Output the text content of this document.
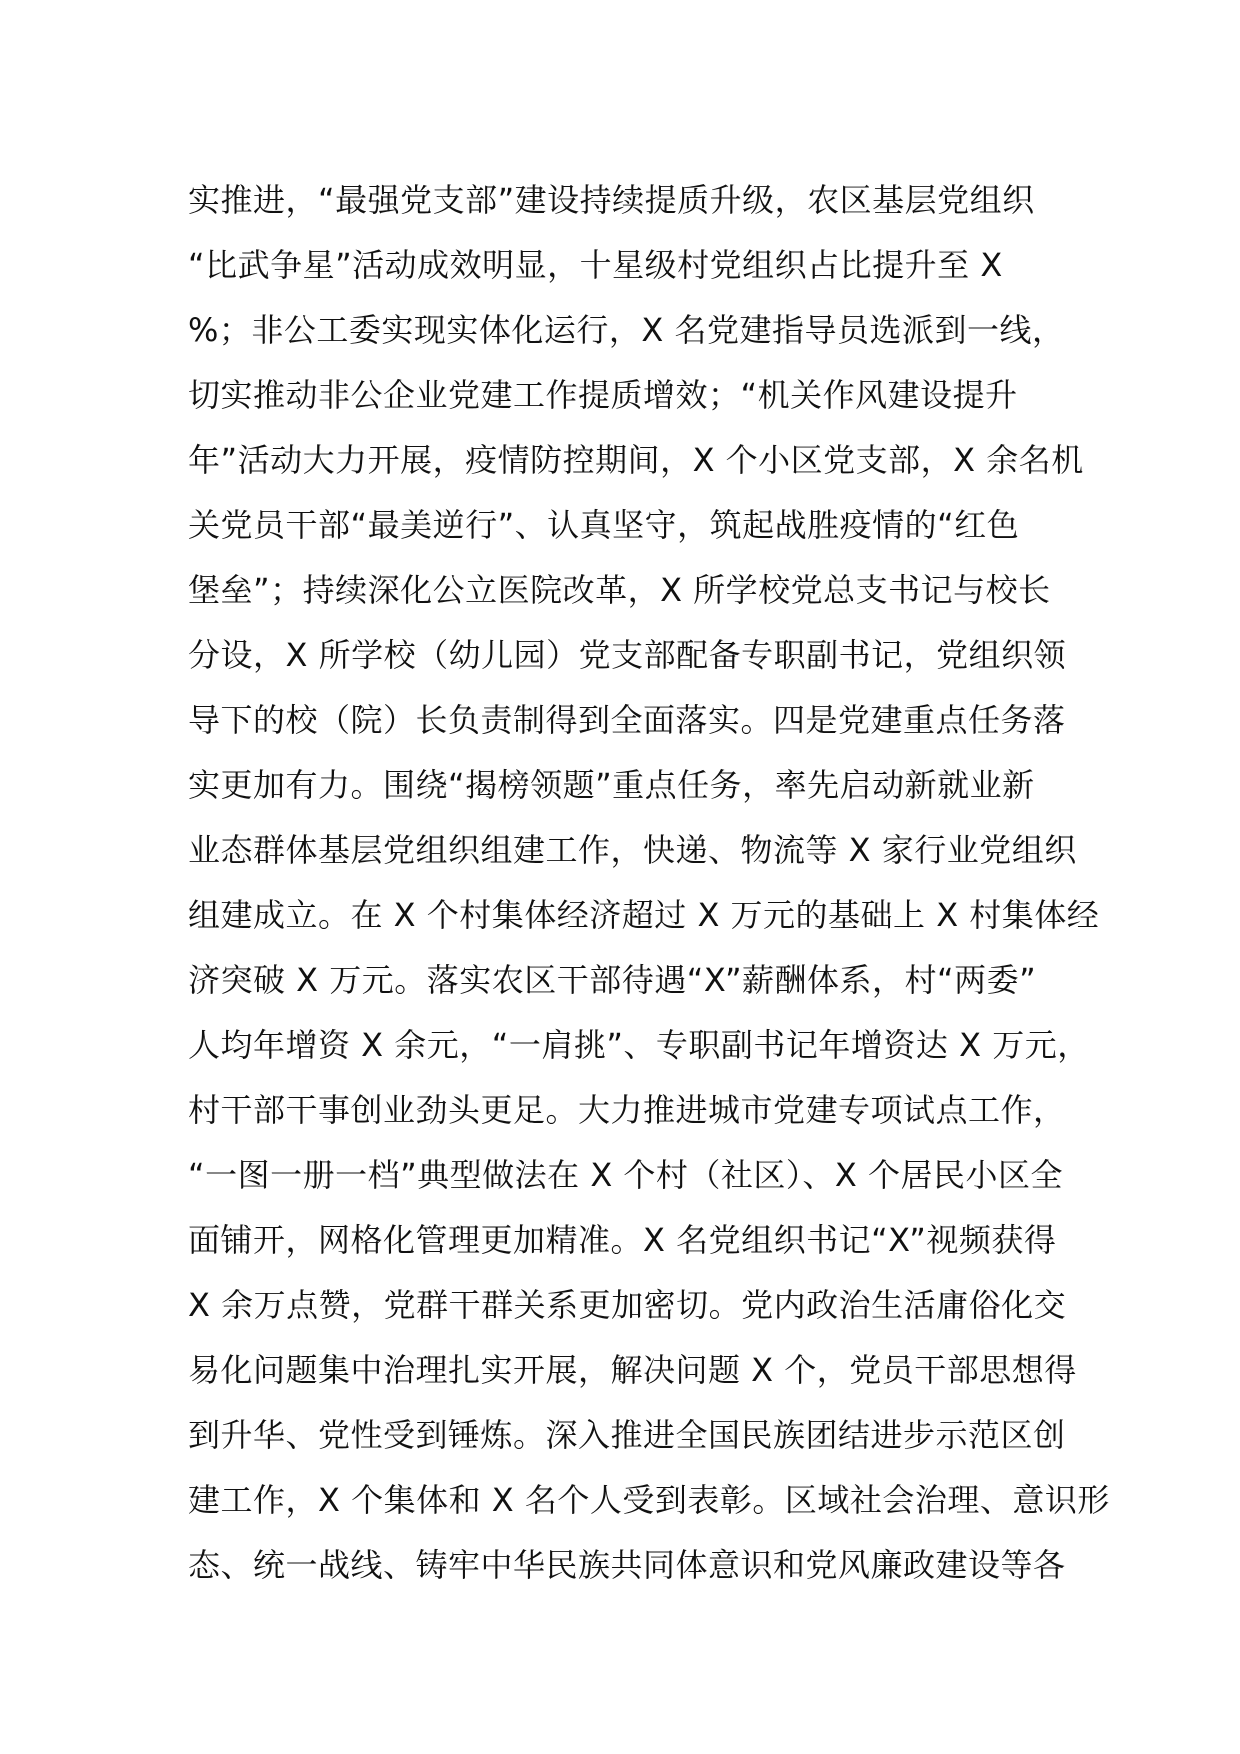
实推进，“最强党支部”建设持续提质升级，农区基层党组织
“比武争星”活动成效明显，十星级村党组织占比提升至 X
%；非公工委实现实体化运行，X 名党建指导员选派到一线，
切实推动非公企业党建工作提质增效；“机关作风建设提升
年”活动大力开展，疫情防控期间，X 个小区党支部，X 余名机
关党员干部“最美逆行”、认真坚守，筑起战胜疫情的“红色
堡垒”；持续深化公立医院改革，X 所学校党总支书记与校长
分设，X 所学校（幼儿园）党支部配备专职副书记，党组织领
导下的校（院）长负责制得到全面落实。四是党建重点任务落
实更加有力。围绕“揭榜领题”重点任务，率先启动新就业新
业态群体基层党组织组建工作，快递、物流等 X 家行业党组织
组建成立。在 X 个村集体经济超过 X 万元的基础上 X 村集体经
济突破 X 万元。落实农区干部待遇“X”薪酬体系，村“两委”
人均年增资 X 余元，“一肩挑”、专职副书记年增资达 X 万元，
村干部干事创业劲头更足。大力推进城市党建专项试点工作，
“一图一册一档”典型做法在 X 个村（社区）、X 个居民小区全
面铺开，网格化管理更加精准。X 名党组织书记“X”视频获得
X 余万点赞，党群干群关系更加密切。党内政治生活庸俗化交
易化问题集中治理扎实开展，解决问题 X 个，党员干部思想得
到升华、党性受到锤炼。深入推进全国民族团结进步示范区创
建工作，X 个集体和 X 名个人受到表彰。区域社会治理、意识形
态、统一战线、铸牢中华民族共同体意识和党风廉政建设等各
